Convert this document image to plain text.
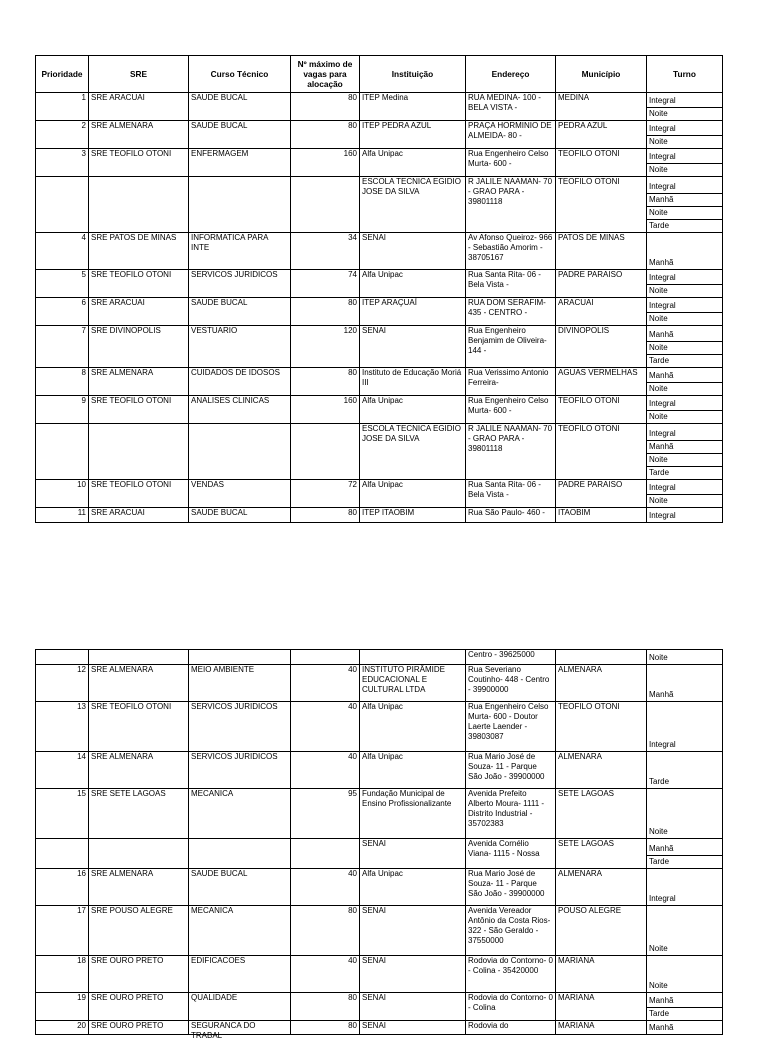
Prioridade	SRE	Curso Técnico	Nº máximo de vagas para alocação	Instituição	Endereço	Município	Turno

1	SRE ARACUAI	SAUDE BUCAL	80	ITEP Medina	RUA MEDINA- 100 - BELA VISTA -	MEDINA	Integral
Noite

2	SRE ALMENARA	SAUDE BUCAL	80	ITEP PEDRA AZUL	PRAÇA HORMINIO DE ALMEIDA- 80 -	PEDRA AZUL	Integral
Noite

3	SRE TEOFILO OTONI	ENFERMAGEM	160	Alfa Unipac	Rua Engenheiro Celso Murta- 600 -	TEOFILO OTONI	Integral
Noite

				ESCOLA TECNICA EGIDIO JOSE DA SILVA	R JALILE NAAMAN- 70 - GRAO PARA - 39801118	TEOFILO OTONI	Integral
Manhã
Noite
Tarde

4	SRE PATOS DE MINAS	INFORMATICA PARA INTE	34	SENAI	Av Afonso Queiroz- 966 - Sebastião Amorim - 38705167	PATOS DE MINAS	Manhã

5	SRE TEOFILO OTONI	SERVICOS JURIDICOS	74	Alfa Unipac	Rua Santa Rita- 06 - Bela Vista -	PADRE PARAISO	Integral
Noite

6	SRE ARACUAI	SAUDE BUCAL	80	ITEP ARAÇUAÍ	RUA DOM SERAFIM- 435 - CENTRO -	ARACUAI	Integral
Noite

7	SRE DIVINOPOLIS	VESTUARIO	120	SENAI	Rua Engenheiro Benjamim de Oliveira- 144 -	DIVINOPOLIS	Manhã
Noite
Tarde

8	SRE ALMENARA	CUIDADOS DE IDOSOS	80	Instituto de Educação Moriá III	Rua Verissimo Antonio Ferreira-	AGUAS VERMELHAS	Manhã
Noite

9	SRE TEOFILO OTONI	ANALISES CLINICAS	160	Alfa Unipac	Rua Engenheiro Celso Murta- 600 -	TEOFILO OTONI	Integral
Noite

				ESCOLA TECNICA EGIDIO JOSE DA SILVA	R JALILE NAAMAN- 70 - GRAO PARA - 39801118	TEOFILO OTONI	Integral
Manhã
Noite
Tarde

10	SRE TEOFILO OTONI	VENDAS	72	Alfa Unipac	Rua Santa Rita- 06 - Bela Vista -	PADRE PARAISO	Integral
Noite

11	SRE ARACUAI	SAUDE BUCAL	80	ITEP ITAOBIM	Rua São Paulo- 460 -	ITAOBIM	Integral

					Centro - 39625000		Noite

12	SRE ALMENARA	MEIO AMBIENTE	40	INSTITUTO PIRÂMIDE EDUCACIONAL E CULTURAL LTDA	Rua Severiano Coutinho- 448 - Centro - 39900000	ALMENARA	Manhã

13	SRE TEOFILO OTONI	SERVICOS JURIDICOS	40	Alfa Unipac	Rua Engenheiro Celso Murta- 600 - Doutor Laerte Laender - 39803087	TEOFILO OTONI	Integral

14	SRE ALMENARA	SERVICOS JURIDICOS	40	Alfa Unipac	Rua Mario José de Souza- 11 - Parque São João - 39900000	ALMENARA	Tarde

15	SRE SETE LAGOAS	MECANICA	95	Fundação Municipal de Ensino Profissionalizante	Avenida Prefeito Alberto Moura- 1111 - Distrito Industrial - 35702383	SETE LAGOAS	Noite

				SENAI	Avenida Cornélio Viana- 1115 - Nossa	SETE LAGOAS	Manhã
Tarde

16	SRE ALMENARA	SAUDE BUCAL	40	Alfa Unipac	Rua Mario José de Souza- 11 - Parque São João - 39900000	ALMENARA	Integral

17	SRE POUSO ALEGRE	MECANICA	80	SENAI	Avenida Vereador Antônio da Costa Rios- 322 - São Geraldo - 37550000	POUSO ALEGRE	Noite

18	SRE OURO PRETO	EDIFICACOES	40	SENAI	Rodovia do Contorno- 0 - Colina - 35420000	MARIANA	Noite

19	SRE OURO PRETO	QUALIDADE	80	SENAI	Rodovia do Contorno- 0 - Colina	MARIANA	Manhã
Tarde

20	SRE OURO PRETO	SEGURANCA DO TRABAL	80	SENAI	Rodovia do	MARIANA	Manhã
